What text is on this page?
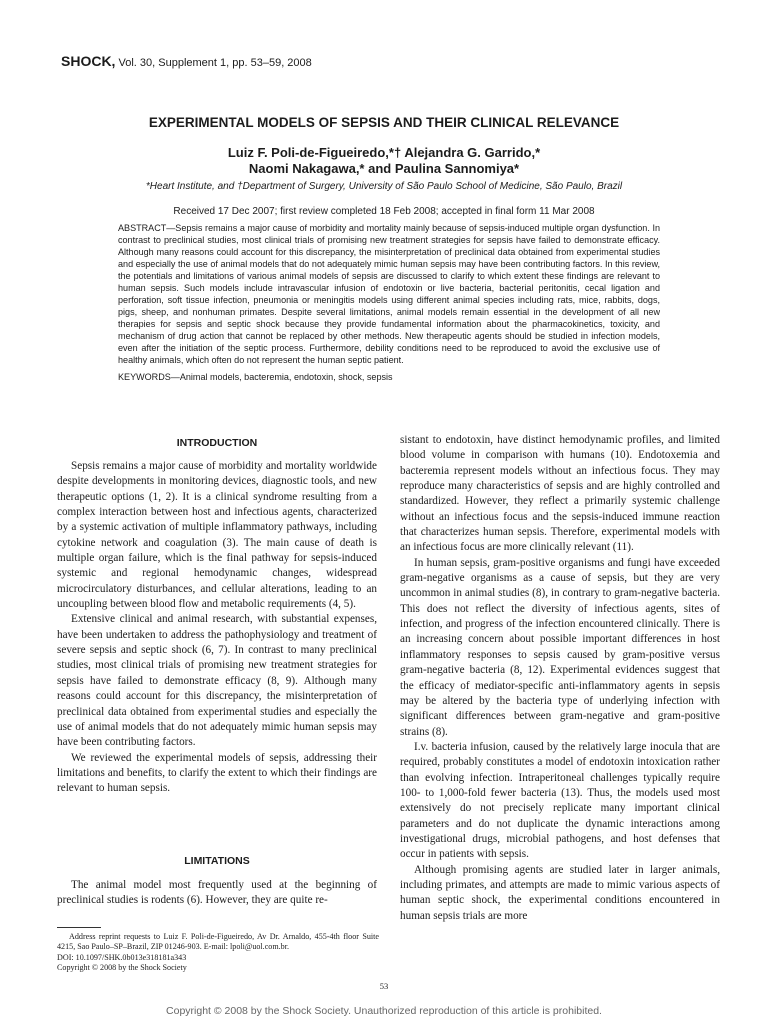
SHOCK, Vol. 30, Supplement 1, pp. 53–59, 2008
EXPERIMENTAL MODELS OF SEPSIS AND THEIR CLINICAL RELEVANCE
Luiz F. Poli-de-Figueiredo,*† Alejandra G. Garrido,*
Naomi Nakagawa,* and Paulina Sannomiya*
*Heart Institute, and †Department of Surgery, University of São Paulo School of Medicine, São Paulo, Brazil
Received 17 Dec 2007; first review completed 18 Feb 2008; accepted in final form 11 Mar 2008

ABSTRACT—Sepsis remains a major cause of morbidity and mortality mainly because of sepsis-induced multiple organ dysfunction. In contrast to preclinical studies, most clinical trials of promising new treatment strategies for sepsis have failed to demonstrate efficacy. Although many reasons could account for this discrepancy, the misinterpretation of preclinical data obtained from experimental studies and especially the use of animal models that do not adequately mimic human sepsis may have been contributing factors. In this review, the potentials and limitations of various animal models of sepsis are discussed to clarify to which extent these findings are relevant to human sepsis. Such models include intravascular infusion of endotoxin or live bacteria, bacterial peritonitis, cecal ligation and perforation, soft tissue infection, pneumonia or meningitis models using different animal species including rats, mice, rabbits, dogs, pigs, sheep, and nonhuman primates. Despite several limitations, animal models remain essential in the development of all new therapies for sepsis and septic shock because they provide fundamental information about the pharmacokinetics, toxicity, and mechanism of drug action that cannot be replaced by other methods. New therapeutic agents should be studied in infection models, even after the initiation of the septic process. Furthermore, debility conditions need to be reproduced to avoid the exclusive use of healthy animals, which often do not represent the human septic patient.

KEYWORDS—Animal models, bacteremia, endotoxin, shock, sepsis
INTRODUCTION

Sepsis remains a major cause of morbidity and mortality worldwide despite developments in monitoring devices, diagnostic tools, and new therapeutic options (1, 2). It is a clinical syndrome resulting from a complex interaction between host and infectious agents, characterized by a systemic activation of multiple inflammatory pathways, including cytokine network and coagulation (3). The main cause of death is multiple organ failure, which is the final pathway for sepsis-induced systemic and regional hemodynamic changes, widespread microcirculatory disturbances, and cellular alterations, leading to an uncoupling between blood flow and metabolic requirements (4, 5).

Extensive clinical and animal research, with substantial expenses, have been undertaken to address the pathophysiology and treatment of severe sepsis and septic shock (6, 7). In contrast to many preclinical studies, most clinical trials of promising new treatment strategies for sepsis have failed to demonstrate efficacy (8, 9). Although many reasons could account for this discrepancy, the misinterpretation of preclinical data obtained from experimental studies and especially the use of animal models that do not adequately mimic human sepsis may have been contributing factors.

We reviewed the experimental models of sepsis, addressing their limitations and benefits, to clarify the extent to which their findings are relevant to human sepsis.

LIMITATIONS

The animal model most frequently used at the beginning of preclinical studies is rodents (6). However, they are quite re-

Address reprint requests to Luiz F. Poli-de-Figueiredo, Av Dr. Arnaldo, 455-4th floor Suite 4215, Sao Paulo–SP–Brazil, ZIP 01246-903. E-mail: lpoli@uol.com.br.
DOI: 10.1097/SHK.0b013e318181a343
Copyright © 2008 by the Shock Society

sistant to endotoxin, have distinct hemodynamic profiles, and limited blood volume in comparison with humans (10). Endotoxemia and bacteremia represent models without an infectious focus. They may reproduce many characteristics of sepsis and are highly controlled and standardized. However, they reflect a primarily systemic challenge without an infectious focus and the sepsis-induced immune reaction that characterizes human sepsis. Therefore, experimental models with an infectious focus are more clinically relevant (11).

In human sepsis, gram-positive organisms and fungi have exceeded gram-negative organisms as a cause of sepsis, but they are very uncommon in animal studies (8), in contrary to gram-negative bacteria. This does not reflect the diversity of infectious agents, sites of infection, and progress of the infection encountered clinically. There is an increasing concern about possible important differences in host inflammatory responses to sepsis caused by gram-positive versus gram-negative bacteria (8, 12). Experimental evidences suggest that the efficacy of mediator-specific anti-inflammatory agents in sepsis may be altered by the bacteria type of underlying infection with significant differences between gram-negative and gram-positive strains (8).

I.v. bacteria infusion, caused by the relatively large inocula that are required, probably constitutes a model of endotoxin intoxication rather than evolving infection. Intraperitoneal challenges typically require 100- to 1,000-fold fewer bacteria (13). Thus, the models used most extensively do not precisely replicate many important clinical parameters and do not duplicate the dynamic interactions among investigational drugs, microbial pathogens, and host defenses that occur in patients with sepsis.

Although promising agents are studied later in larger animals, including primates, and attempts are made to mimic various aspects of human septic shock, the experimental conditions encountered in human sepsis trials are more

53
Copyright © 2008 by the Shock Society. Unauthorized reproduction of this article is prohibited.
